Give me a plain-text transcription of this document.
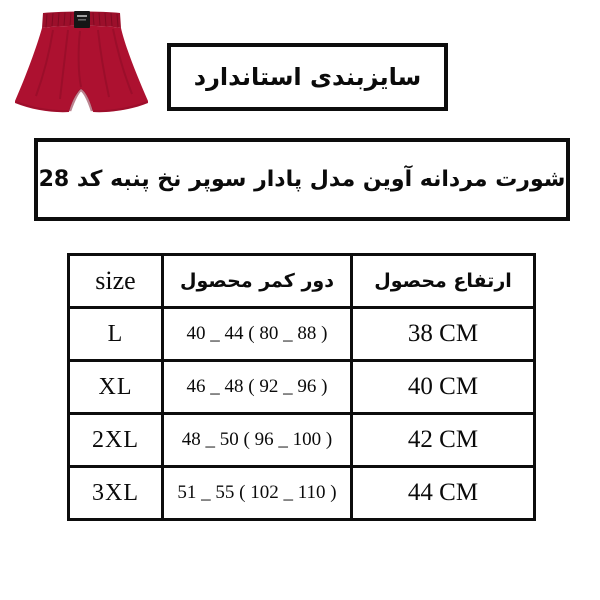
سایزبندی استاندارد
شورت مردانه آوین مدل پادار سوپر نخ پنبه کد 28
size	دور کمر محصول	ارتفاع محصول
L	40 _ 44 ( 80 _ 88 )	38 CM
XL	46 _ 48 ( 92 _ 96 )	40 CM
2XL	48 _ 50 ( 96 _ 100 )	42 CM
3XL	51 _ 55 ( 102 _ 110 )	44 CM
